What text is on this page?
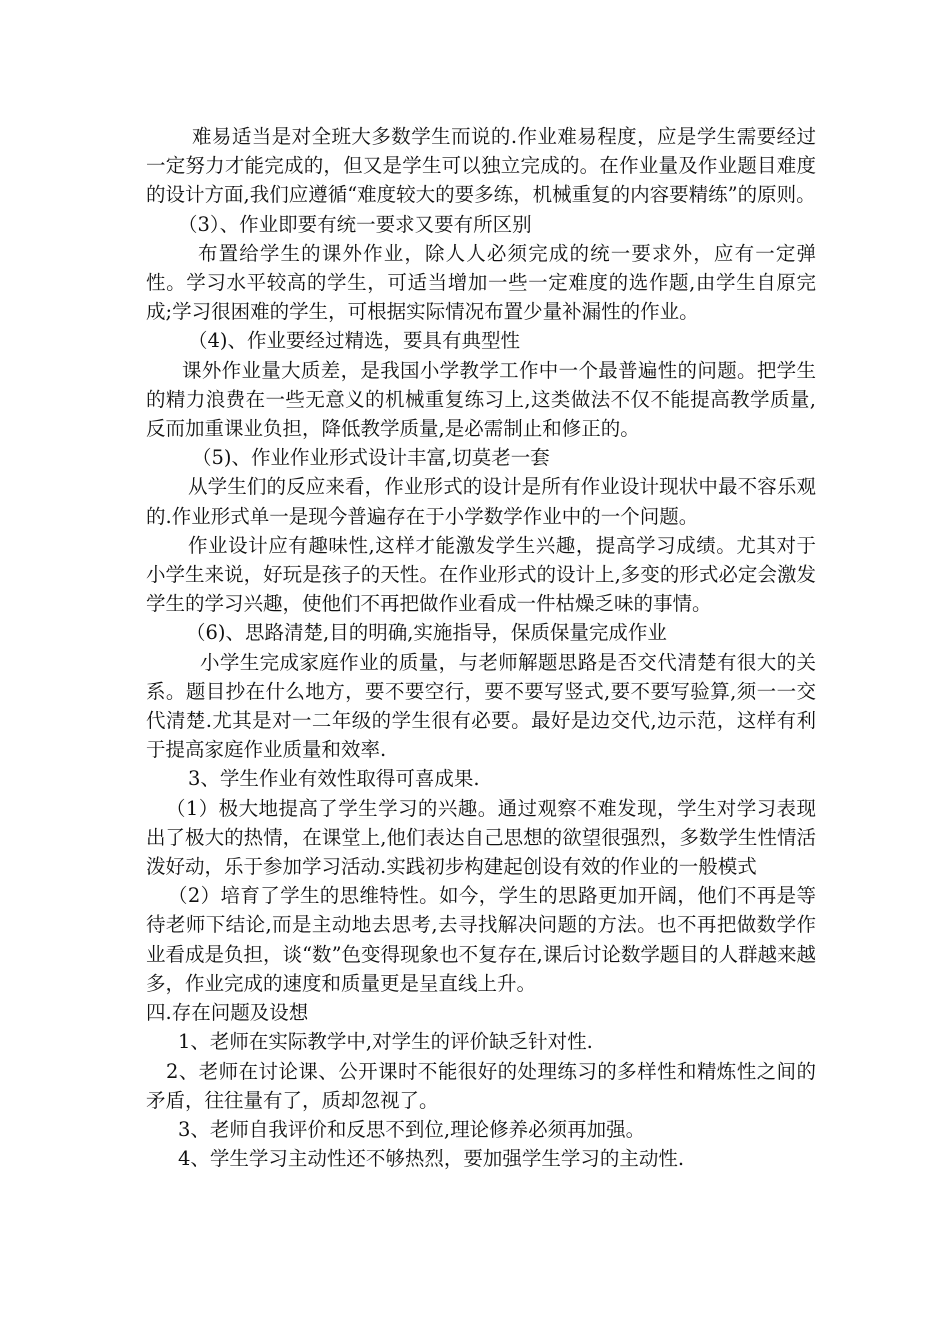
难易适当是对全班大多数学生而说的.作业难易程度，应是学生需要经过一定努力才能完成的，但又是学生可以独立完成的。在作业量及作业题目难度的设计方面,我们应遵循“难度较大的要多练，机械重复的内容要精练”的原则。

（3）、作业即要有统一要求又要有所区别

布置给学生的课外作业，除人人必须完成的统一要求外，应有一定弹性。学习水平较高的学生，可适当增加一些一定难度的选作题,由学生自原完成;学习很困难的学生，可根据实际情况布置少量补漏性的作业。

（4)、作业要经过精选，要具有典型性

课外作业量大质差，是我国小学教学工作中一个最普遍性的问题。把学生的精力浪费在一些无意义的机械重复练习上,这类做法不仅不能提高教学质量,反而加重课业负担，降低教学质量,是必需制止和修正的。

（5)、作业作业形式设计丰富,切莫老一套

从学生们的反应来看，作业形式的设计是所有作业设计现状中最不容乐观的.作业形式单一是现今普遍存在于小学数学作业中的一个问题。

作业设计应有趣味性,这样才能激发学生兴趣，提高学习成绩。尤其对于小学生来说，好玩是孩子的天性。在作业形式的设计上,多变的形式必定会激发学生的学习兴趣，使他们不再把做作业看成一件枯燥乏味的事情。

（6)、思路清楚,目的明确,实施指导，保质保量完成作业

小学生完成家庭作业的质量，与老师解题思路是否交代清楚有很大的关系。题目抄在什么地方，要不要空行，要不要写竖式,要不要写验算,须一一交代清楚.尤其是对一二年级的学生很有必要。最好是边交代,边示范，这样有利于提高家庭作业质量和效率.

3、学生作业有效性取得可喜成果.

（1）极大地提高了学生学习的兴趣。通过观察不难发现，学生对学习表现出了极大的热情，在课堂上,他们表达自己思想的欲望很强烈，多数学生性情活泼好动，乐于参加学习活动.实践初步构建起创设有效的作业的一般模式

（2）培育了学生的思维特性。如今，学生的思路更加开阔，他们不再是等待老师下结论,而是主动地去思考,去寻找解决问题的方法。也不再把做数学作业看成是负担，谈“数”色变得现象也不复存在,课后讨论数学题目的人群越来越多，作业完成的速度和质量更是呈直线上升。

四.存在问题及设想

1、老师在实际教学中,对学生的评价缺乏针对性.

2、老师在讨论课、公开课时不能很好的处理练习的多样性和精炼性之间的矛盾，往往量有了，质却忽视了。

3、老师自我评价和反思不到位,理论修养必须再加强。

4、学生学习主动性还不够热烈，要加强学生学习的主动性.
